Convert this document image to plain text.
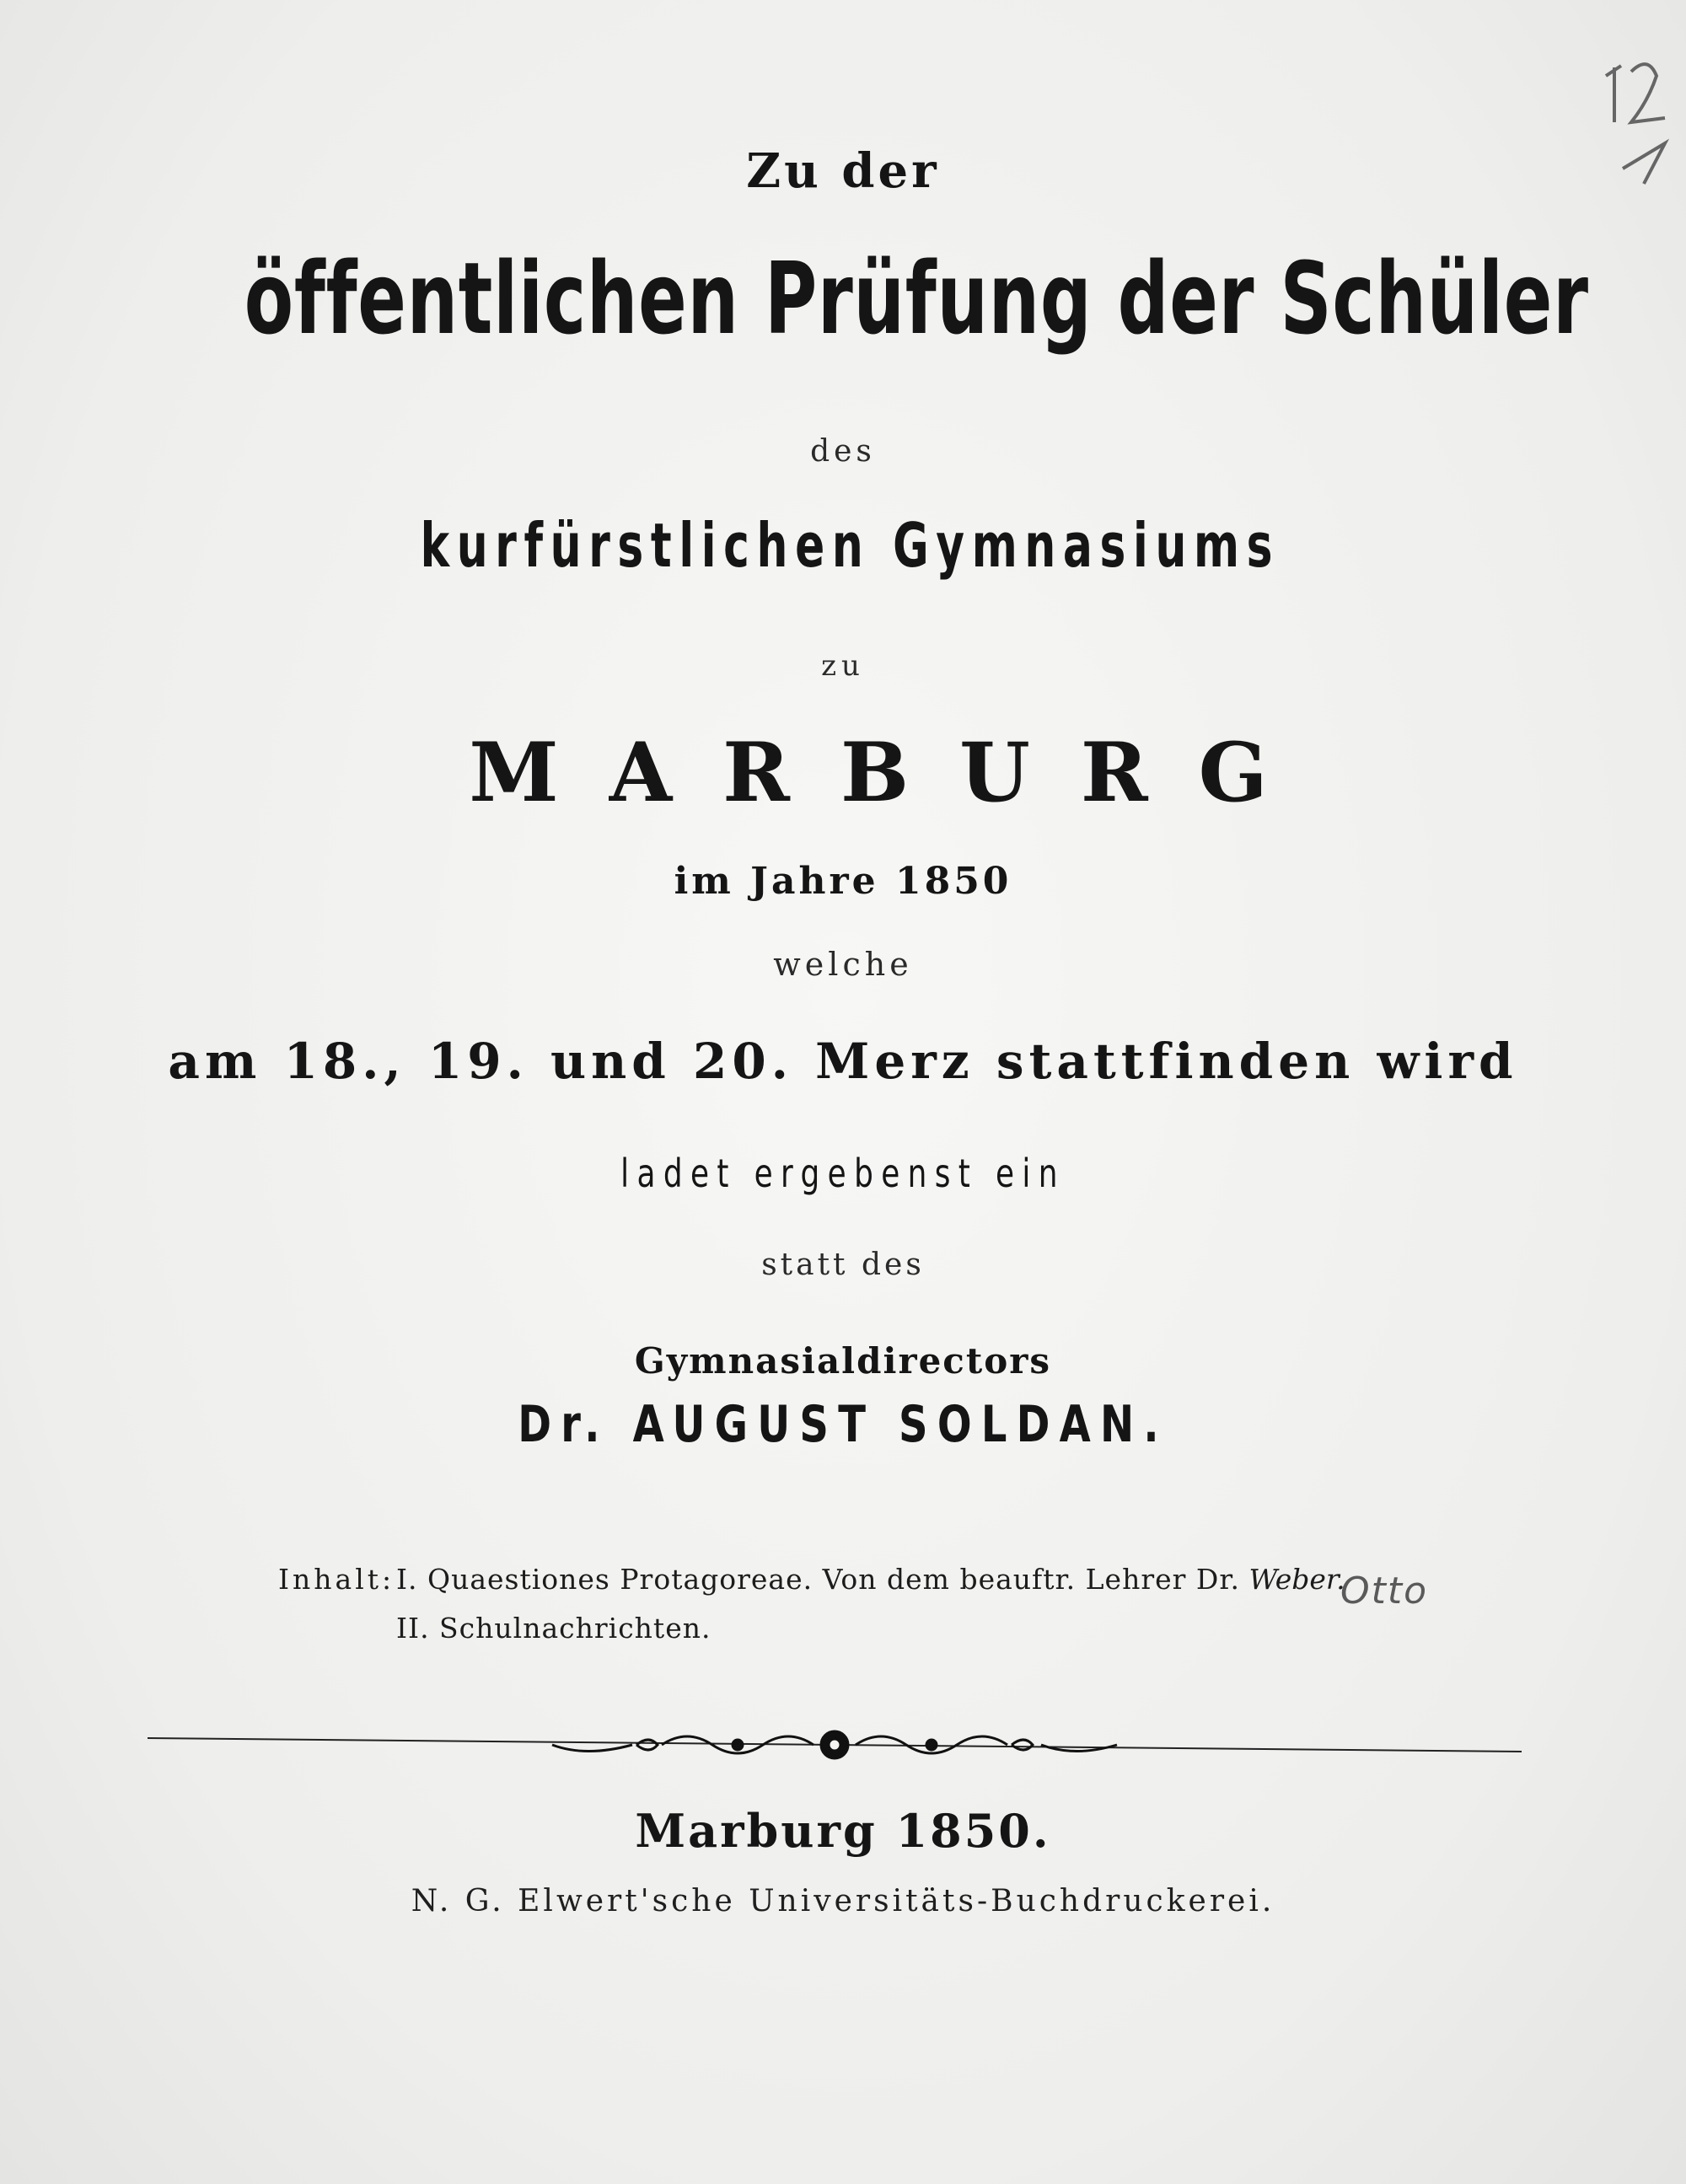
Zu der
öffentlichen Prüfung der Schüler
des
kurfürstlichen Gymnasiums
zu
MARBURG
im Jahre 1850
welche
am 18., 19. und 20. Merz stattfinden wird
ladet ergebenst ein
statt des
Gymnasialdirectors
Dr. AUGUST SOLDAN.
Inhalt:I. Quaestiones Protagoreae. Von dem beauftr. Lehrer Dr. Weber.
II. Schulnachrichten.
Otto
Marburg 1850.
N. G. Elwert'sche Universitäts-Buchdruckerei.
